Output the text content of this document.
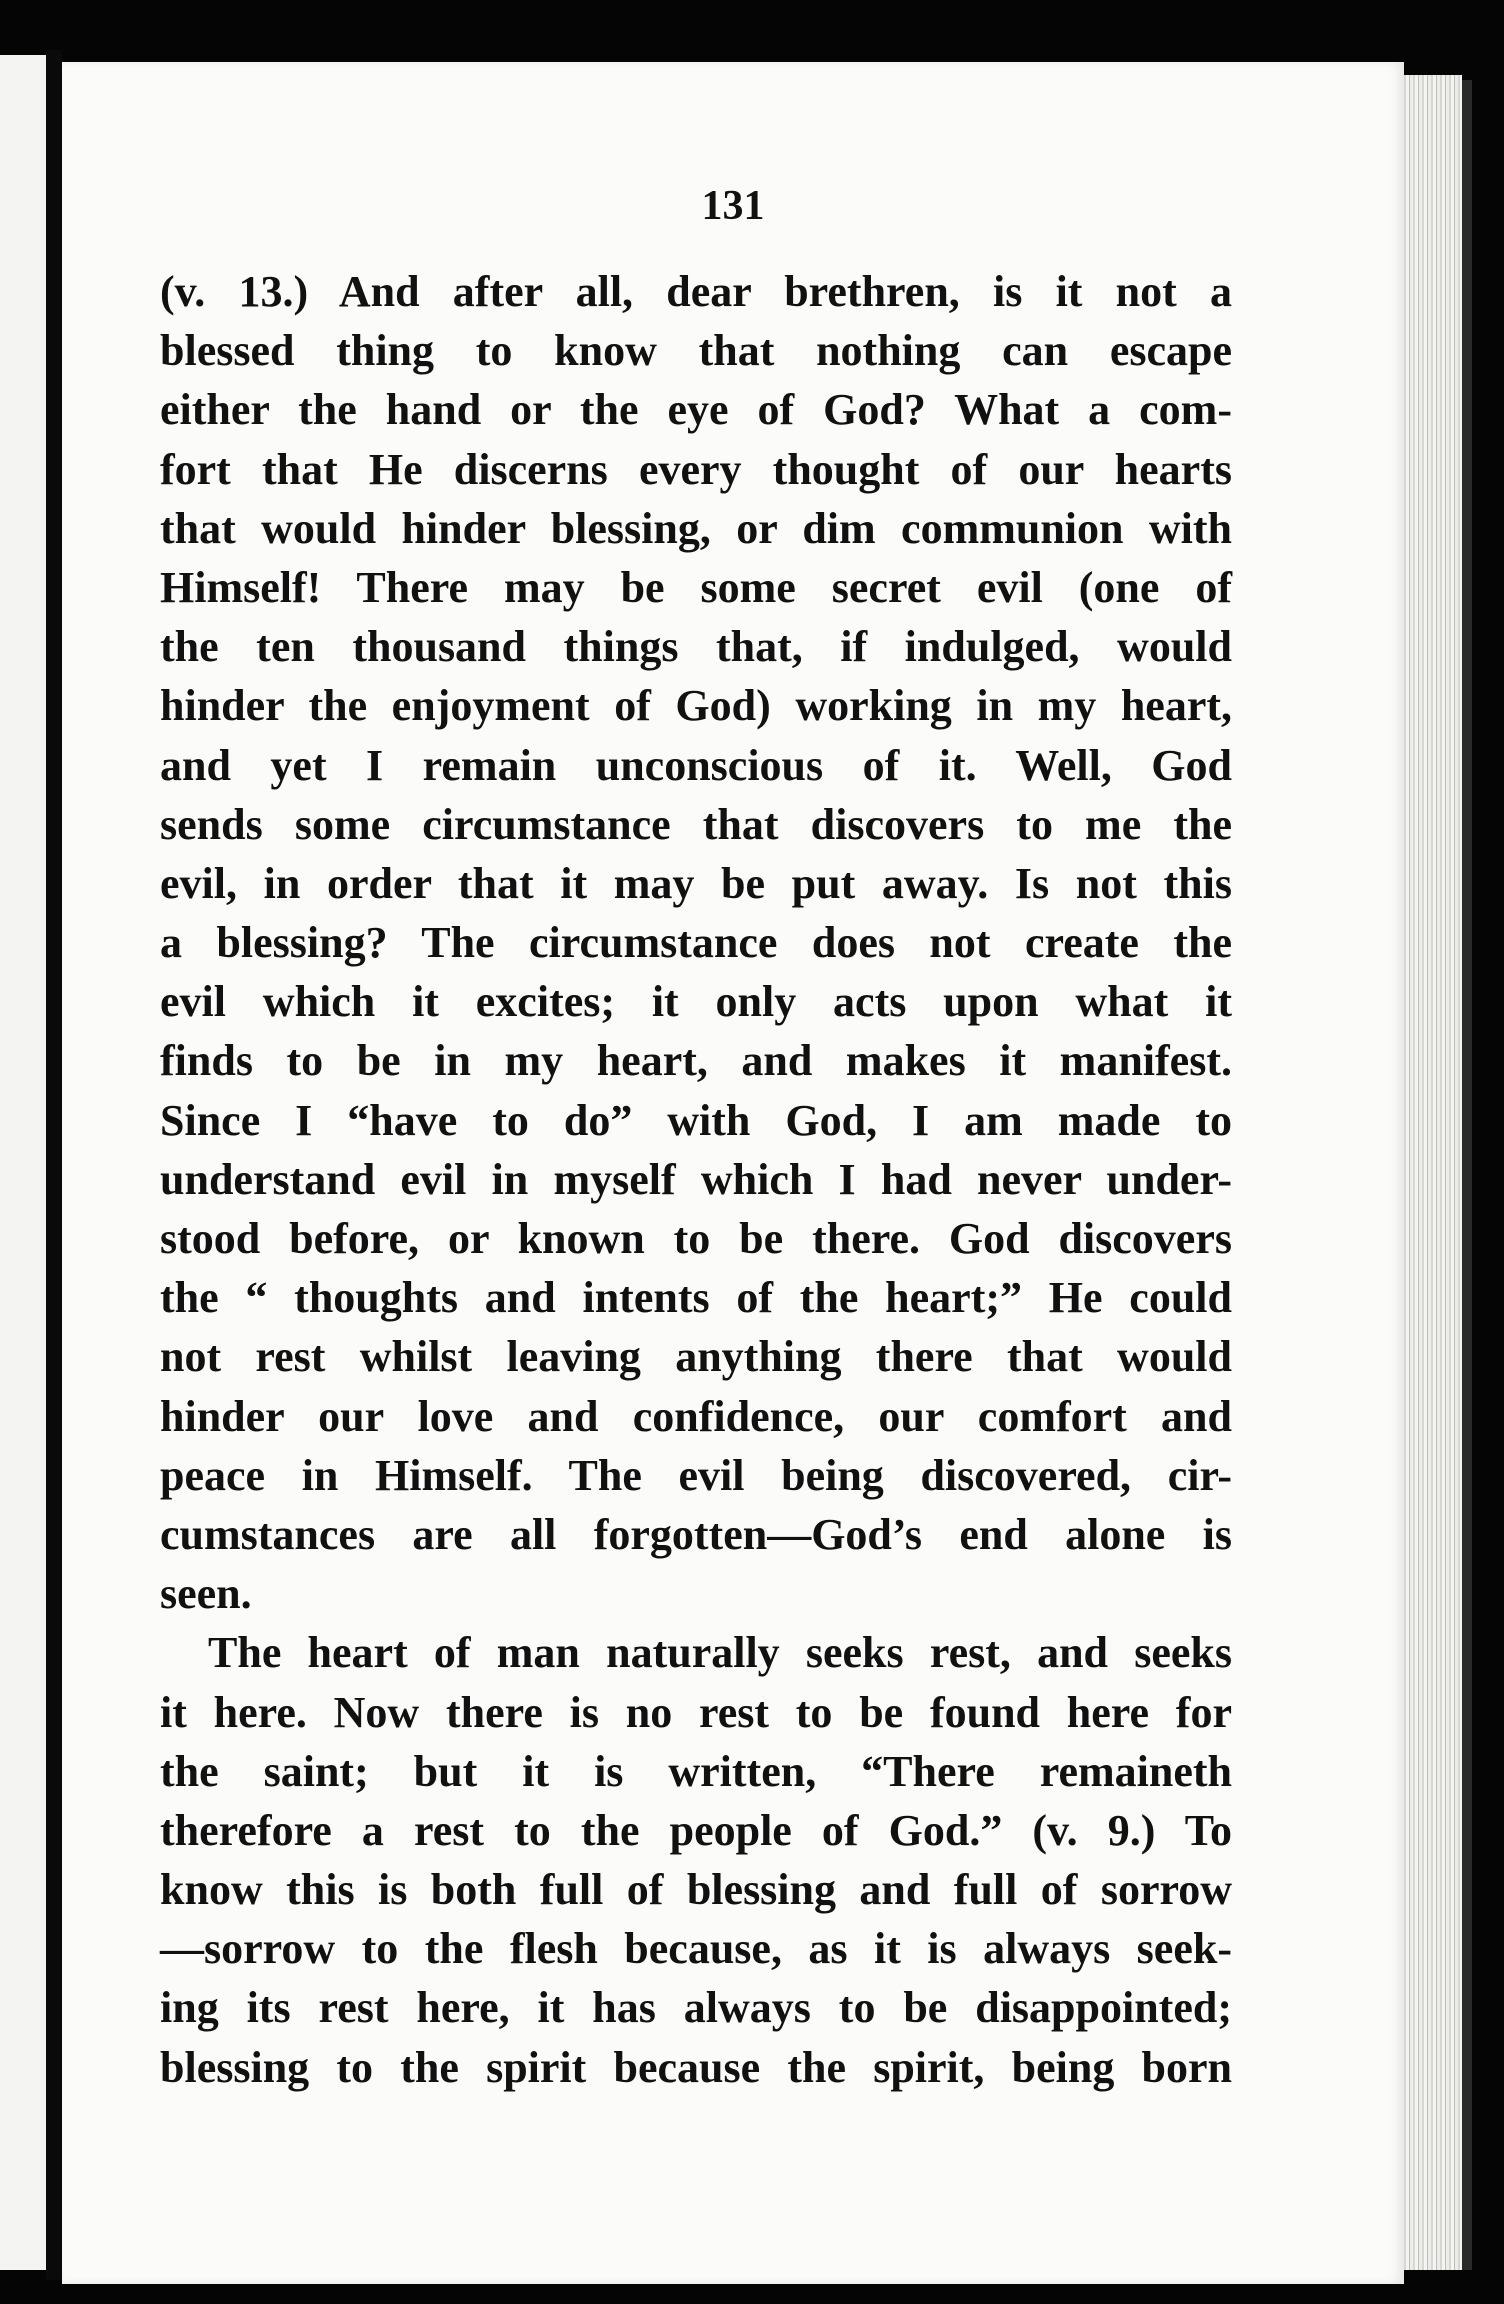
131
(v. 13.) And after all, dear brethren, is it not a
blessed thing to know that nothing can escape
either the hand or the eye of God? What a com-
fort that He discerns every thought of our hearts
that would hinder blessing, or dim communion with
Himself! There may be some secret evil (one of
the ten thousand things that, if indulged, would
hinder the enjoyment of God) working in my heart,
and yet I remain unconscious of it. Well, God
sends some circumstance that discovers to me the
evil, in order that it may be put away. Is not this
a blessing? The circumstance does not create the
evil which it excites; it only acts upon what it
finds to be in my heart, and makes it manifest.
Since I “have to do” with God, I am made to
understand evil in myself which I had never under-
stood before, or known to be there. God discovers
the “ thoughts and intents of the heart;” He could
not rest whilst leaving anything there that would
hinder our love and confidence, our comfort and
peace in Himself. The evil being discovered, cir-
cumstances are all forgotten—God’s end alone is
seen.
The heart of man naturally seeks rest, and seeks
it here. Now there is no rest to be found here for
the saint; but it is written, “There remaineth
therefore a rest to the people of God.” (v. 9.) To
know this is both full of blessing and full of sorrow
—sorrow to the flesh because, as it is always seek-
ing its rest here, it has always to be disappointed;
blessing to the spirit because the spirit, being born
